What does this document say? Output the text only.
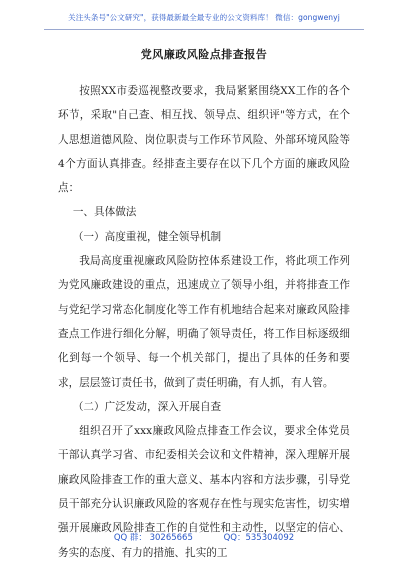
关注头条号"公文研究"，获得最新最全最专业的公文资料库！ 微信：gongwenyj
党风廉政风险点排查报告

按照XX市委巡视整改要求，我局紧紧围绕XX工作的各个环节，采取"自己查、相互找、领导点、组织评"等方式，在个人思想道德风险、岗位职责与工作环节风险、外部环境风险等4个方面认真排查。经排查主要存在以下几个方面的廉政风险点：

一、具体做法

（一）高度重视，健全领导机制

我局高度重视廉政风险防控体系建设工作，将此项工作列为党风廉政建设的重点，迅速成立了领导小组，并将排查工作与党纪学习常态化制度化等工作有机地结合起来对廉政风险排查点工作进行细化分解，明确了领导责任，将工作目标逐级细化到每一个领导、每一个机关部门，提出了具体的任务和要求，层层签订责任书，做到了责任明确，有人抓，有人管。

（二）广泛发动，深入开展自查

组织召开了xxx廉政风险点排查工作会议，要求全体党员干部认真学习省、市纪委相关会议和文件精神，深入理解开展廉政风险排查工作的重大意义、基本内容和方法步骤，引导党员干部充分认识廉政风险的客观存在性与现实危害性，切实增强开展廉政风险排查工作的自觉性和主动性，以坚定的信心、务实的态度、有力的措施、扎实的工

QQ 群： 30265665	QQ：535304092
